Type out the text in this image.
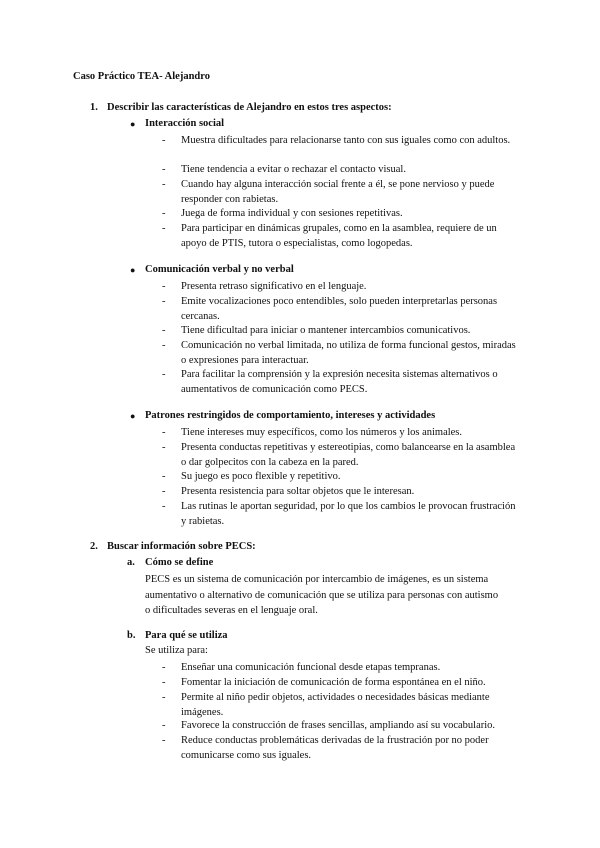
Caso Práctico TEA- Alejandro
1. Describir las características de Alejandro en estos tres aspectos:
● Interacción social
- Muestra dificultades para relacionarse tanto con sus iguales como con adultos.
- Tiene tendencia a evitar o rechazar el contacto visual.
- Cuando hay alguna interacción social frente a él, se pone nervioso y puede responder con rabietas.
- Juega de forma individual y con sesiones repetitivas.
- Para participar en dinámicas grupales, como en la asamblea, requiere de un apoyo de PTIS, tutora o especialistas, como logopedas.
● Comunicación verbal y no verbal
- Presenta retraso significativo en el lenguaje.
- Emite vocalizaciones poco entendibles, solo pueden interpretarlas personas cercanas.
- Tiene dificultad para iniciar o mantener intercambios comunicativos.
- Comunicación no verbal limitada, no utiliza de forma funcional gestos, miradas o expresiones para interactuar.
- Para facilitar la comprensión y la expresión necesita sistemas alternativos o aumentativos de comunicación como PECS.
● Patrones restringidos de comportamiento, intereses y actividades
- Tiene intereses muy específicos, como los números y los animales.
- Presenta conductas repetitivas y estereotipias, como balancearse en la asamblea o dar golpecitos con la cabeza en la pared.
- Su juego es poco flexible y repetitivo.
- Presenta resistencia para soltar objetos que le interesan.
- Las rutinas le aportan seguridad, por lo que los cambios le provocan frustración y rabietas.
2. Buscar información sobre PECS:
a. Cómo se define
PECS es un sistema de comunicación por intercambio de imágenes, es un sistema aumentativo o alternativo de comunicación que se utiliza para personas con autismo o dificultades severas en el lenguaje oral.
b. Para qué se utiliza
Se utiliza para:
- Enseñar una comunicación funcional desde etapas tempranas.
- Fomentar la iniciación de comunicación de forma espontánea en el niño.
- Permite al niño pedir objetos, actividades o necesidades básicas mediante imágenes.
- Favorece la construcción de frases sencillas, ampliando así su vocabulario.
- Reduce conductas problemáticas derivadas de la frustración por no poder comunicarse como sus iguales.
